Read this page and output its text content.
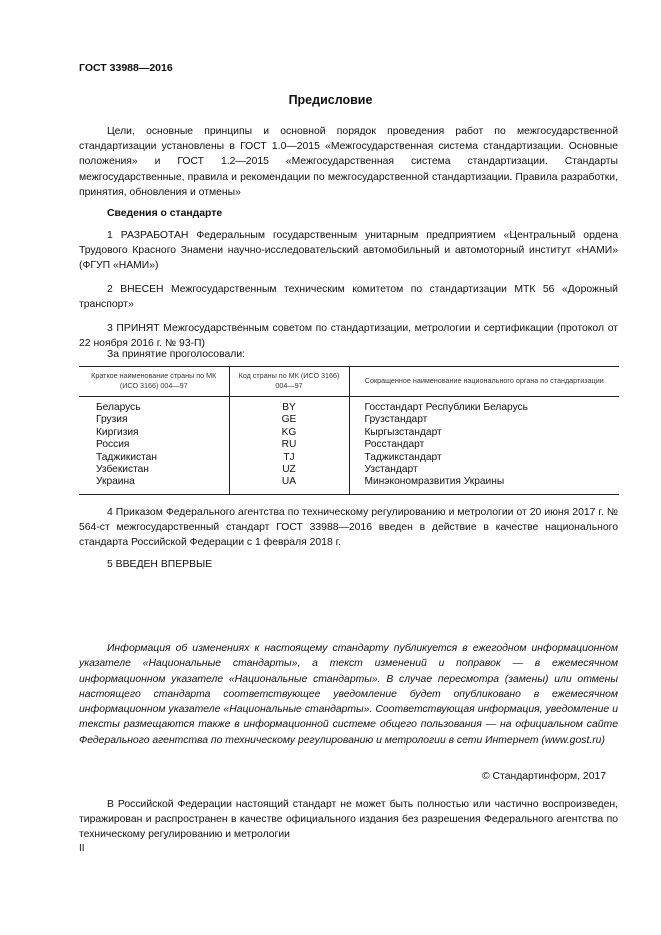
ГОСТ 33988—2016
Предисловие
Цели, основные принципы и основной порядок проведения работ по межгосударственной стандартизации установлены в ГОСТ 1.0—2015 «Межгосударственная система стандартизации. Основные положения» и ГОСТ 1.2—2015 «Межгосударственная система стандартизации. Стандарты межгосударственные, правила и рекомендации по межгосударственной стандартизации. Правила разработки, принятия, обновления и отмены»
Сведения о стандарте
1 РАЗРАБОТАН Федеральным государственным унитарным предприятием «Центральный ордена Трудового Красного Знамени научно-исследовательский автомобильный и автомоторный институт «НАМИ» (ФГУП «НАМИ»)
2 ВНЕСЕН Межгосударственным техническим комитетом по стандартизации МТК 56 «Дорожный транспорт»
3 ПРИНЯТ Межгосударственным советом по стандартизации, метрологии и сертификации (протокол от 22 ноября 2016 г. № 93-П)
За принятие проголосовали:
Краткое наименование страны по МК (ИСО 3166) 004—97	Код страны по МК (ИСО 3166) 004—97	Сокращенное наименование национального органа по стандартизации
Беларусь	BY	Госстандарт Республики Беларусь
Грузия	GE	Грузстандарт
Киргизия	KG	Кыргызстандарт
Россия	RU	Росстандарт
Таджикистан	TJ	Таджикстандарт
Узбекистан	UZ	Узстандарт
Украина	UA	Минэкономразвития Украины
4 Приказом Федерального агентства по техническому регулированию и метрологии от 20 июня 2017 г. № 564-ст межгосударственный стандарт ГОСТ 33988—2016 введен в действие в качестве национального стандарта Российской Федерации с 1 февраля 2018 г.
5 ВВЕДЕН ВПЕРВЫЕ
Информация об изменениях к настоящему стандарту публикуется в ежегодном информационном указателе «Национальные стандарты», а текст изменений и поправок — в ежемесячном информационном указателе «Национальные стандарты». В случае пересмотра (замены) или отмены настоящего стандарта соответствующее уведомление будет опубликовано в ежемесячном информационном указателе «Национальные стандарты». Соответствующая информация, уведомление и тексты размещаются также в информационной системе общего пользования — на официальном сайте Федерального агентства по техническому регулированию и метрологии в сети Интернет (www.gost.ru)
© Стандартинформ, 2017
В Российской Федерации настоящий стандарт не может быть полностью или частично воспроизведен, тиражирован и распространен в качестве официального издания без разрешения Федерального агентства по техническому регулированию и метрологии
II
